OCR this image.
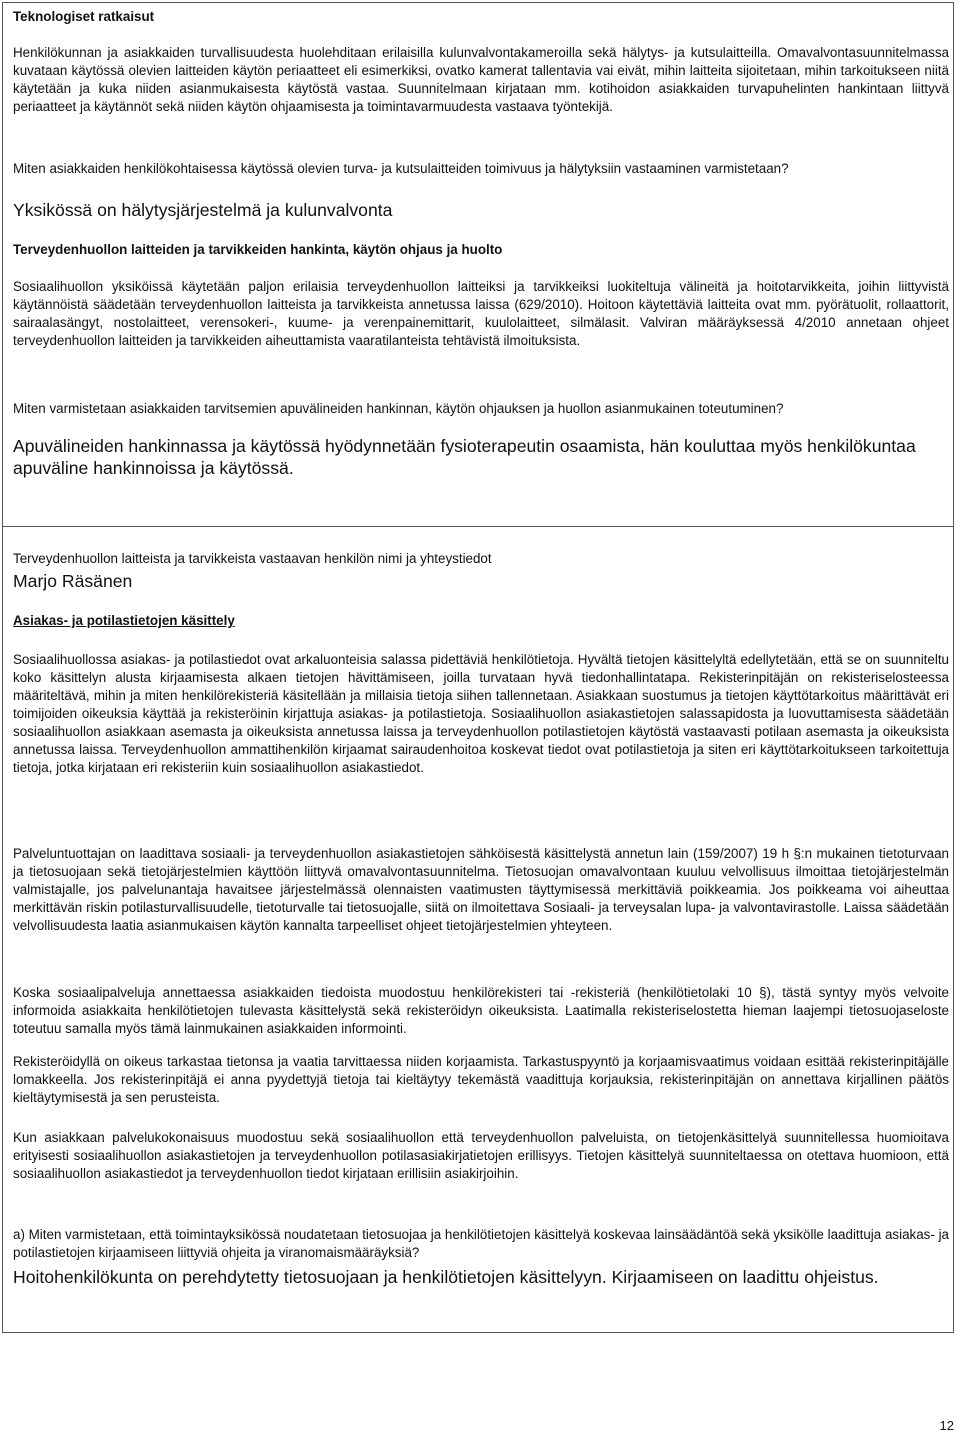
Teknologiset ratkaisut

Henkilökunnan ja asiakkaiden turvallisuudesta huolehditaan erilaisilla kulunvalvontakameroilla sekä hälytys- ja kutsulaitteilla. Omavalvontasuunnitelmassa kuvataan käytössä olevien laitteiden käytön periaatteet eli esimerkiksi, ovatko kamerat tallentavia vai eivät, mihin laitteita sijoitetaan, mihin tarkoitukseen niitä käytetään ja kuka niiden asianmukaisesta käytöstä vastaa. Suunnitelmaan kirjataan mm. kotihoidon asiakkaiden turvapuhelinten hankintaan liittyvä periaatteet ja käytännöt sekä niiden käytön ohjaamisesta ja toimintavarmuudesta vastaava työntekijä.

Miten asiakkaiden henkilökohtaisessa käytössä olevien turva- ja kutsulaitteiden toimivuus ja hälytyksiin vastaaminen varmistetaan?

Yksikössä on hälytysjärjestelmä ja kulunvalvonta

Terveydenhuollon laitteiden ja tarvikkeiden hankinta, käytön ohjaus ja huolto

Sosiaalihuollon yksiköissä käytetään paljon erilaisia terveydenhuollon laitteiksi ja tarvikkeiksi luokiteltuja välineitä ja hoitotarvikkeita, joihin liittyvistä käytännöistä säädetään terveydenhuollon laitteista ja tarvikkeista annetussa laissa (629/2010). Hoitoon käytettäviä laitteita ovat mm. pyörätuolit, rollaattorit, sairaalasängyt, nostolaitteet, verensokeri-, kuume- ja verenpainemittarit, kuulolaitteet, silmälasit. Valviran määräyksessä 4/2010 annetaan ohjeet terveydenhuollon laitteiden ja tarvikkeiden aiheuttamista vaaratilanteista tehtävistä ilmoituksista.

Miten varmistetaan asiakkaiden tarvitsemien apuvälineiden hankinnan, käytön ohjauksen ja huollon asianmukainen toteutuminen?

Apuvälineiden hankinnassa ja käytössä hyödynnetään fysioterapeutin osaamista, hän kouluttaa myös henkilökuntaa apuväline hankinnoissa ja käytössä.

Terveydenhuollon laitteista ja tarvikkeista vastaavan henkilön nimi ja yhteystiedot

Marjo Räsänen

Asiakas- ja potilastietojen käsittely

Sosiaalihuollossa asiakas- ja potilastiedot ovat arkaluonteisia salassa pidettäviä henkilötietoja. Hyvältä tietojen käsittelyltä edellytetään, että se on suunniteltu koko käsittelyn alusta kirjaamisesta alkaen tietojen hävittämiseen, joilla turvataan hyvä tiedonhallintatapa. Rekisterinpitäjän on rekisteriselosteessa määriteltävä, mihin ja miten henkilörekisteriä käsitellään ja millaisia tietoja siihen tallennetaan. Asiakkaan suostumus ja tietojen käyttötarkoitus määrittävät eri toimijoiden oikeuksia käyttää ja rekisteröinin kirjattuja asiakas- ja potilastietoja. Sosiaalihuollon asiakastietojen salassapidosta ja luovuttamisesta säädetään sosiaalihuollon asiakkaan asemasta ja oikeuksista annetussa laissa ja terveydenhuollon potilastietojen käytöstä vastaavasti potilaan asemasta ja oikeuksista annetussa laissa. Terveydenhuollon ammattihenkilön kirjaamat sairaudenhoitoa koskevat tiedot ovat potilastietoja ja siten eri käyttötarkoitukseen tarkoitettuja tietoja, jotka kirjataan eri rekisteriin kuin sosiaalihuollon asiakastiedot.

Palveluntuottajan on laadittava sosiaali- ja terveydenhuollon asiakastietojen sähköisestä käsittelystä annetun lain (159/2007) 19 h §:n mukainen tietoturvaan ja tietosuojaan sekä tietojärjestelmien käyttöön liittyvä omavalvontasuunnitelma. Tietosuojan omavalvontaan kuuluu velvollisuus ilmoittaa tietojärjestelmän valmistajalle, jos palvelunantaja havaitsee järjestelmässä olennaisten vaatimusten täyttymisessä merkittäviä poikkeamia. Jos poikkeama voi aiheuttaa merkittävän riskin potilasturvallisuudelle, tietoturvalle tai tietosuojalle, siitä on ilmoitettava Sosiaali- ja terveysalan lupa- ja valvontavirastolle. Laissa säädetään velvollisuudesta laatia asianmukaisen käytön kannalta tarpeelliset ohjeet tietojärjestelmien yhteyteen.

Koska sosiaalipalveluja annettaessa asiakkaiden tiedoista muodostuu henkilörekisteri tai -rekisteriä (henkilötietolaki 10 §), tästä syntyy myös velvoite informoida asiakkaita henkilötietojen tulevasta käsittelystä sekä rekisteröidyn oikeuksista. Laatimalla rekisteriselostetta hieman laajempi tietosuojaseloste toteutuu samalla myös tämä lainmukainen asiakkaiden informointi.

Rekisteröidyllä on oikeus tarkastaa tietonsa ja vaatia tarvittaessa niiden korjaamista. Tarkastuspyyntö ja korjaamisvaatimus voidaan esittää rekisterinpitäjälle lomakkeella. Jos rekisterinpitäjä ei anna pyydettyjä tietoja tai kieltäytyy tekemästä vaadittuja korjauksia, rekisterinpitäjän on annettava kirjallinen päätös kieltäytymisestä ja sen perusteista.

Kun asiakkaan palvelukokonaisuus muodostuu sekä sosiaalihuollon että terveydenhuollon palveluista, on tietojenkäsittelyä suunnitellessa huomioitava erityisesti sosiaalihuollon asiakastietojen ja terveydenhuollon potilasasiakirjatietojen erillisyys. Tietojen käsittelyä suunniteltaessa on otettava huomioon, että sosiaalihuollon asiakastiedot ja terveydenhuollon tiedot kirjataan erillisiin asiakirjoihin.

a) Miten varmistetaan, että toimintayksikössä noudatetaan tietosuojaa ja henkilötietojen käsittelyä koskevaa lainsäädäntöä sekä yksikölle laadittuja asiakas- ja potilastietojen kirjaamiseen liittyviä ohjeita ja viranomaismääräyksiä?

Hoitohenkilökunta on perehdytetty tietosuojaan ja henkilötietojen käsittelyyn. Kirjaamiseen on laadittu ohjeistus.

12
